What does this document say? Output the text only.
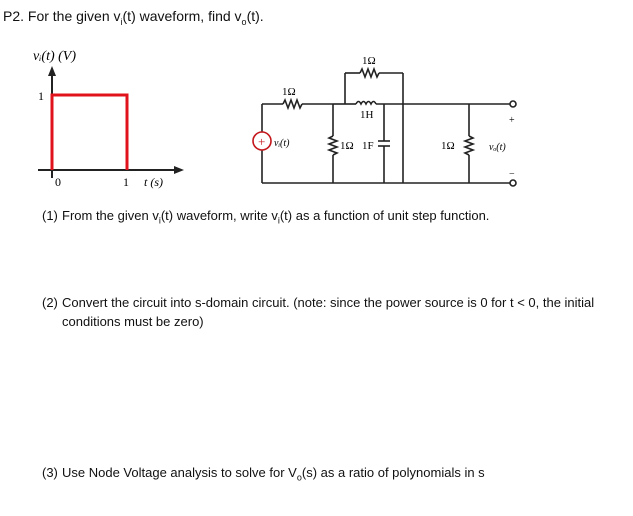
P2. For the given $v_i(t)$ waveform, find $v_o(t)$.
vᵢ(t) (V)
1
0	1 t (s)
+
1Ω
1Ω
1H
1Ω 1F	1Ω
vᵢ(t)
+
vₒ(t)
−
(1) From the given $v_i(t)$ waveform, write $v_i(t)$ as a function of unit step function.
(2) Convert the circuit into s-domain circuit. (note: since the power source is 0 for t < 0, the initial conditions must be zero)
(3) Use Node Voltage analysis to solve for $V_o(s)$ as a ratio of polynomials in s
